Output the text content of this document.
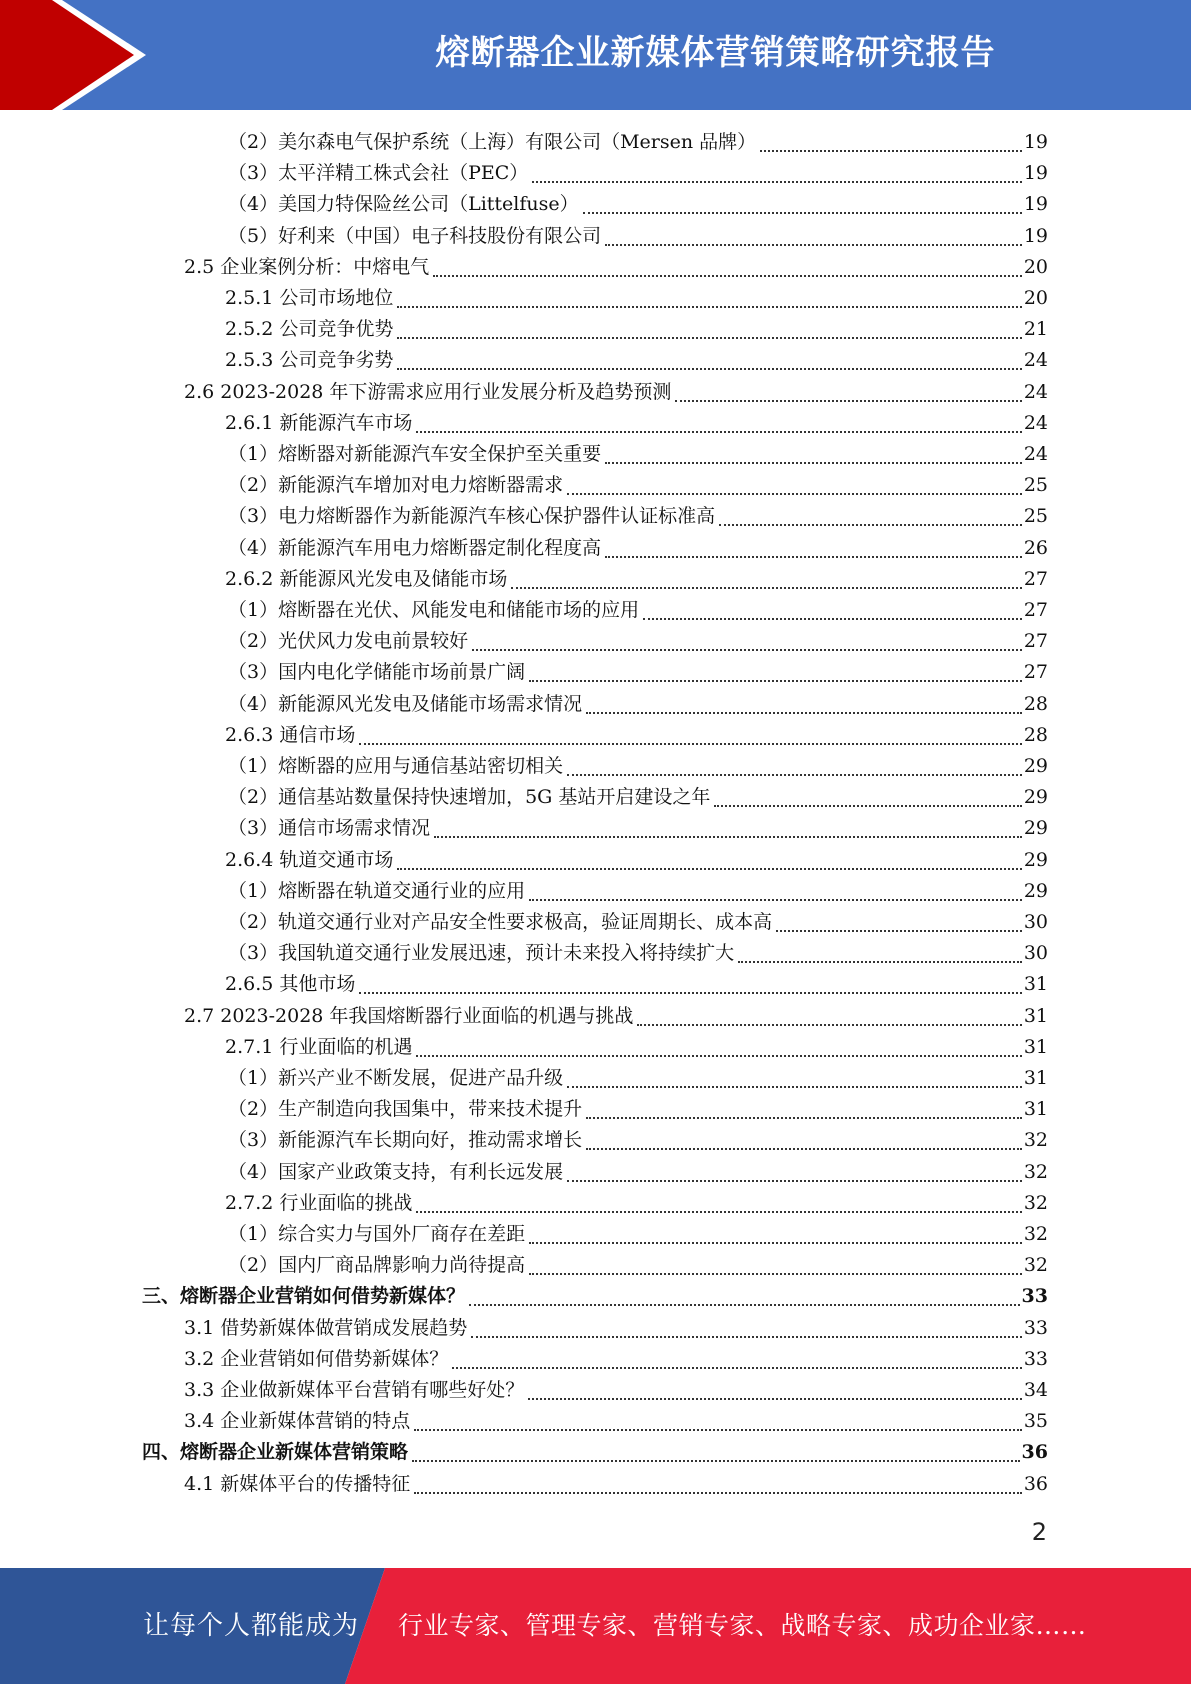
熔断器企业新媒体营销策略研究报告
（2）美尔森电气保护系统（上海）有限公司（Mersen 品牌）	19
（3）太平洋精工株式会社（PEC）	19
（4）美国力特保险丝公司（Littelfuse）	19
（5）好利来（中国）电子科技股份有限公司	19
2.5 企业案例分析：中熔电气	20
2.5.1 公司市场地位	20
2.5.2 公司竞争优势	21
2.5.3 公司竞争劣势	24
2.6 2023-2028 年下游需求应用行业发展分析及趋势预测	24
2.6.1 新能源汽车市场	24
（1）熔断器对新能源汽车安全保护至关重要	24
（2）新能源汽车增加对电力熔断器需求	25
（3）电力熔断器作为新能源汽车核心保护器件认证标准高	25
（4）新能源汽车用电力熔断器定制化程度高	26
2.6.2 新能源风光发电及储能市场	27
（1）熔断器在光伏、风能发电和储能市场的应用	27
（2）光伏风力发电前景较好	27
（3）国内电化学储能市场前景广阔	27
（4）新能源风光发电及储能市场需求情况	28
2.6.3 通信市场	28
（1）熔断器的应用与通信基站密切相关	29
（2）通信基站数量保持快速增加，5G 基站开启建设之年	29
（3）通信市场需求情况	29
2.6.4 轨道交通市场	29
（1）熔断器在轨道交通行业的应用	29
（2）轨道交通行业对产品安全性要求极高，验证周期长、成本高	30
（3）我国轨道交通行业发展迅速，预计未来投入将持续扩大	30
2.6.5 其他市场	31
2.7 2023-2028 年我国熔断器行业面临的机遇与挑战	31
2.7.1 行业面临的机遇	31
（1）新兴产业不断发展，促进产品升级	31
（2）生产制造向我国集中，带来技术提升	31
（3）新能源汽车长期向好，推动需求增长	32
（4）国家产业政策支持，有利长远发展	32
2.7.2 行业面临的挑战	32
（1）综合实力与国外厂商存在差距	32
（2）国内厂商品牌影响力尚待提高	32
三、熔断器企业营销如何借势新媒体？	33
3.1 借势新媒体做营销成发展趋势	33
3.2 企业营销如何借势新媒体？	33
3.3 企业做新媒体平台营销有哪些好处？	34
3.4 企业新媒体营销的特点	35
四、熔断器企业新媒体营销策略	36
4.1 新媒体平台的传播特征	36
2
让每个人都能成为 行业专家、管理专家、营销专家、战略专家、成功企业家……
